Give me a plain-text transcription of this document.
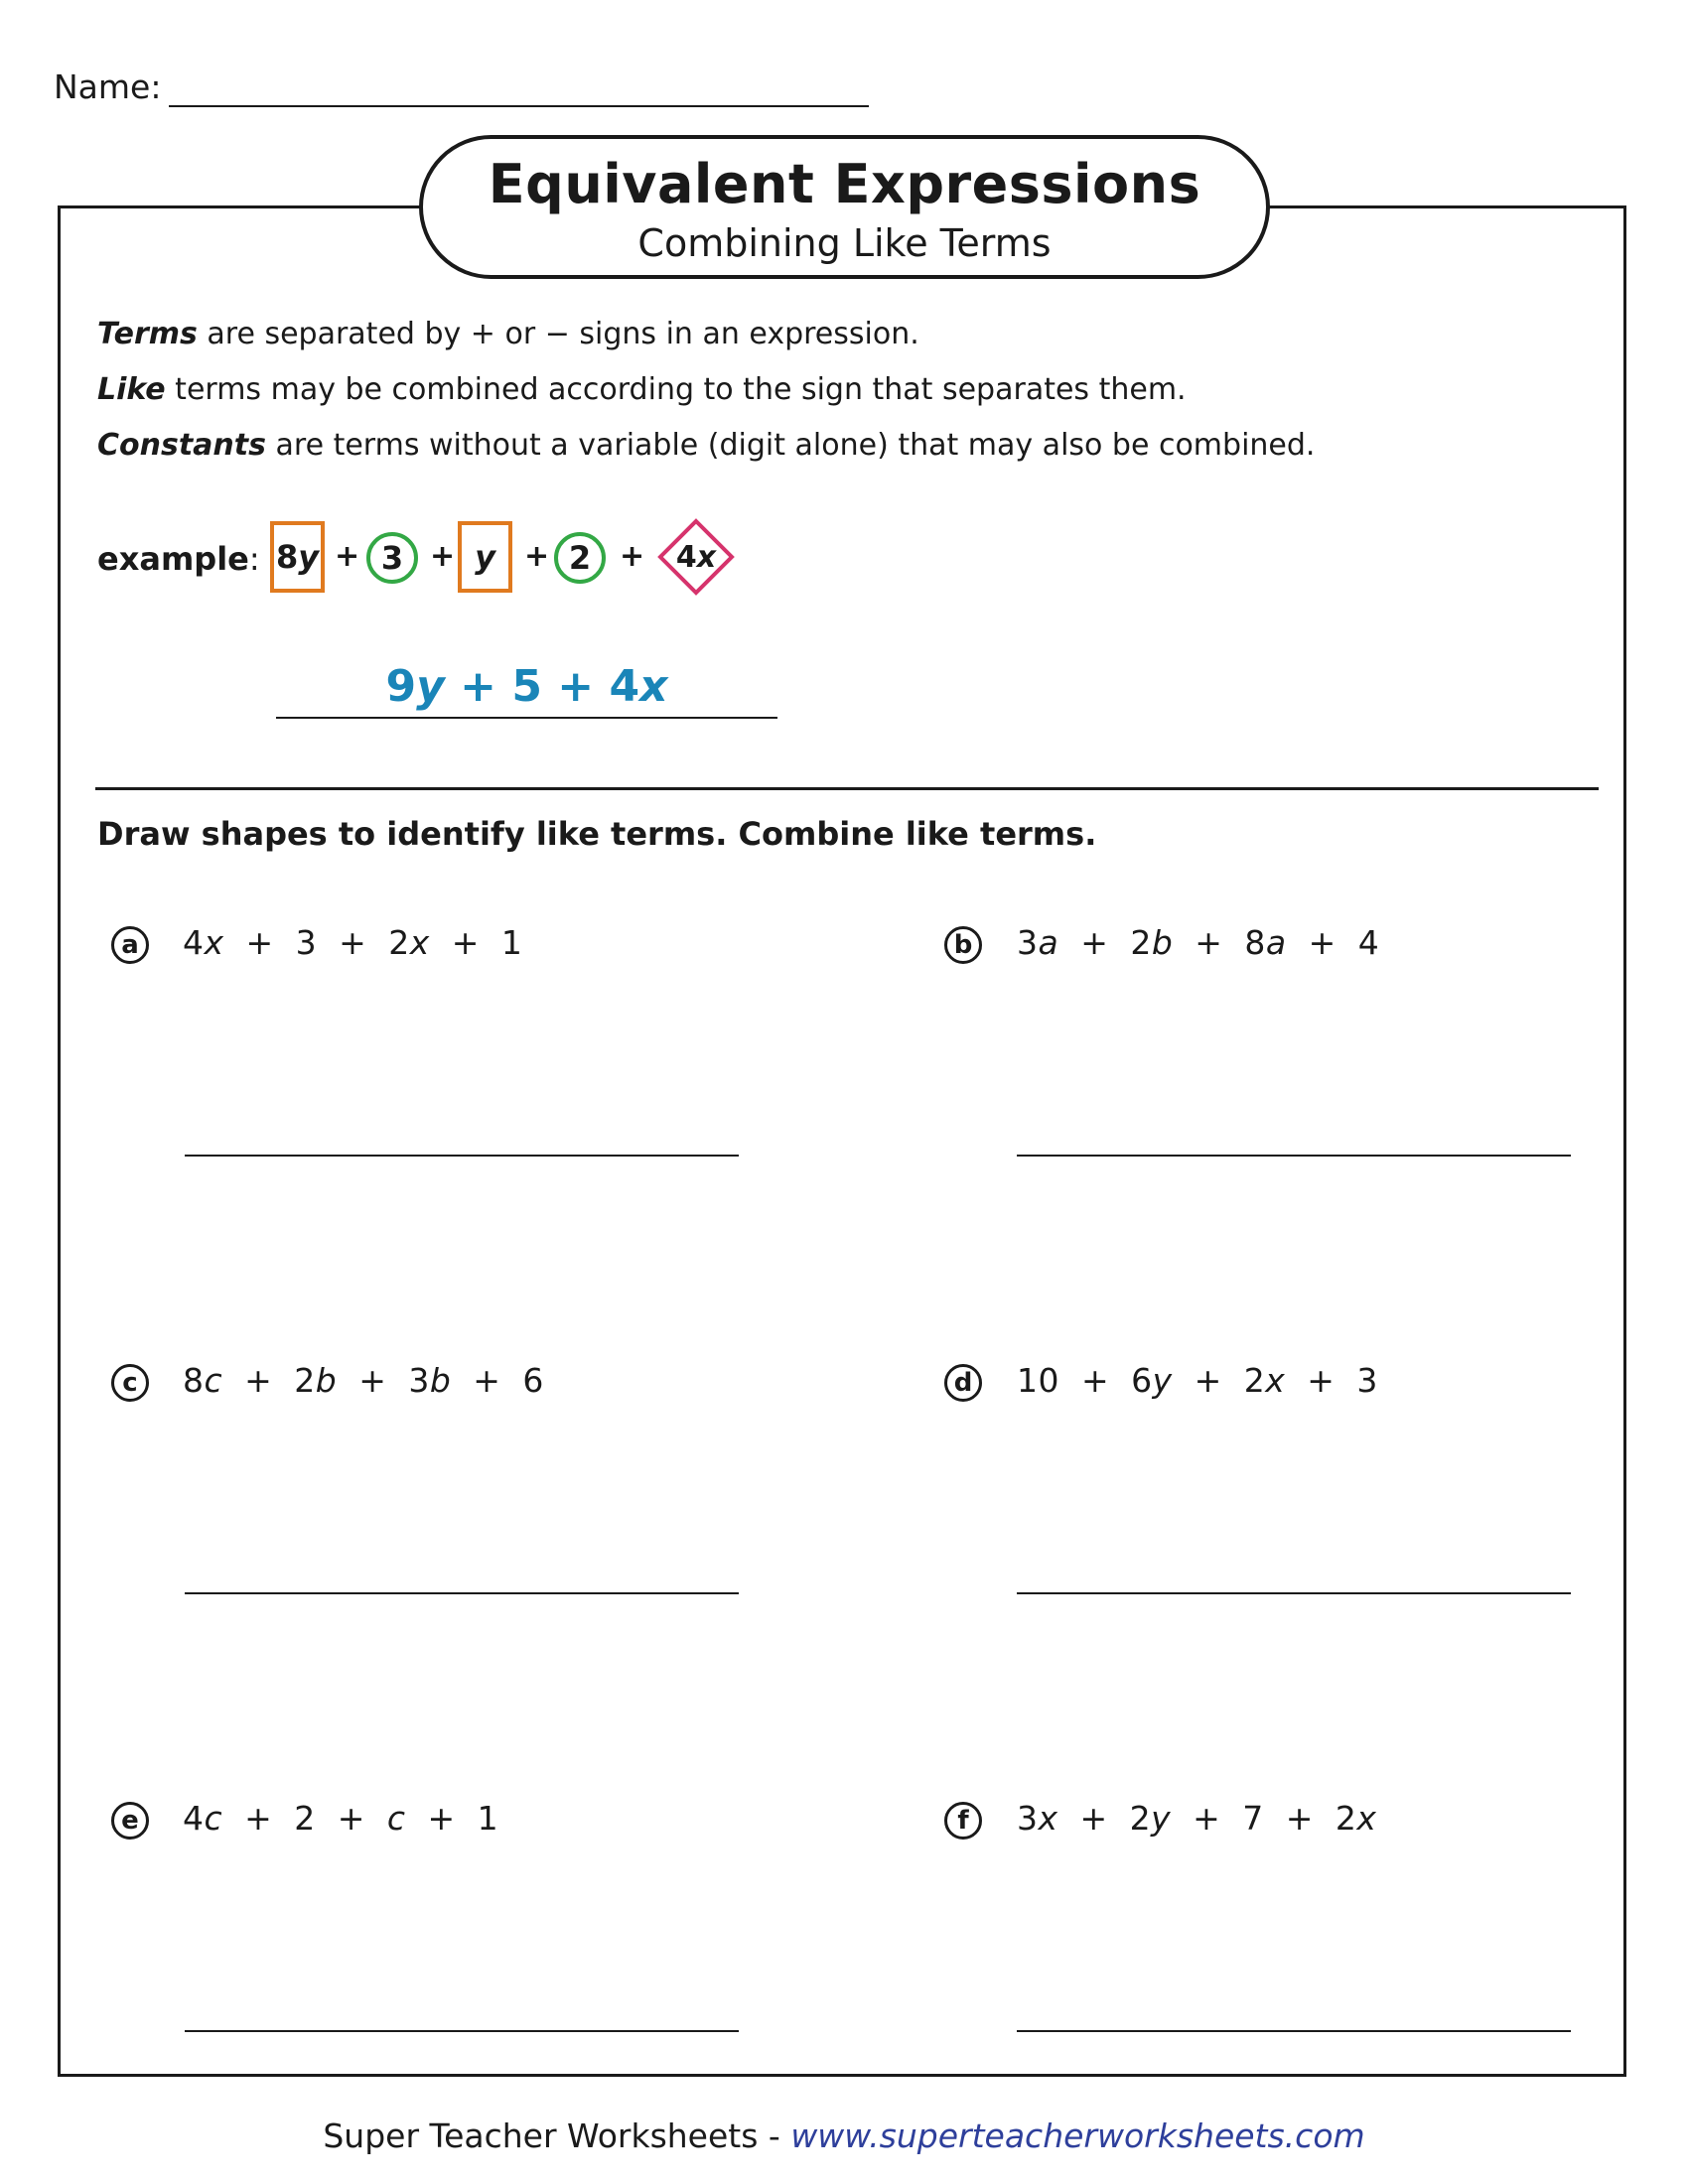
Name:
Equivalent Expressions
Combining Like Terms
Terms are separated by + or − signs in an expression.
Like terms may be combined according to the sign that separates them.
Constants are terms without a variable (digit alone) that may also be combined.
example: 8 y + 3 + y + 2 + 4 x
9y + 5 + 4x
Draw shapes to identify like terms. Combine like terms.
a	4x  +  3  +  2x  +  1	b 3a  +  2b  +  8a  +  4
c	8c  +  2b  +  3b  +  6	d 10  +  6y  +  2x  +  3
e	4c  +  2  +  c  +  1	f	3x  +  2y  +  7  +  2x
Super Teacher Worksheets - www.superteacherworksheets.com
